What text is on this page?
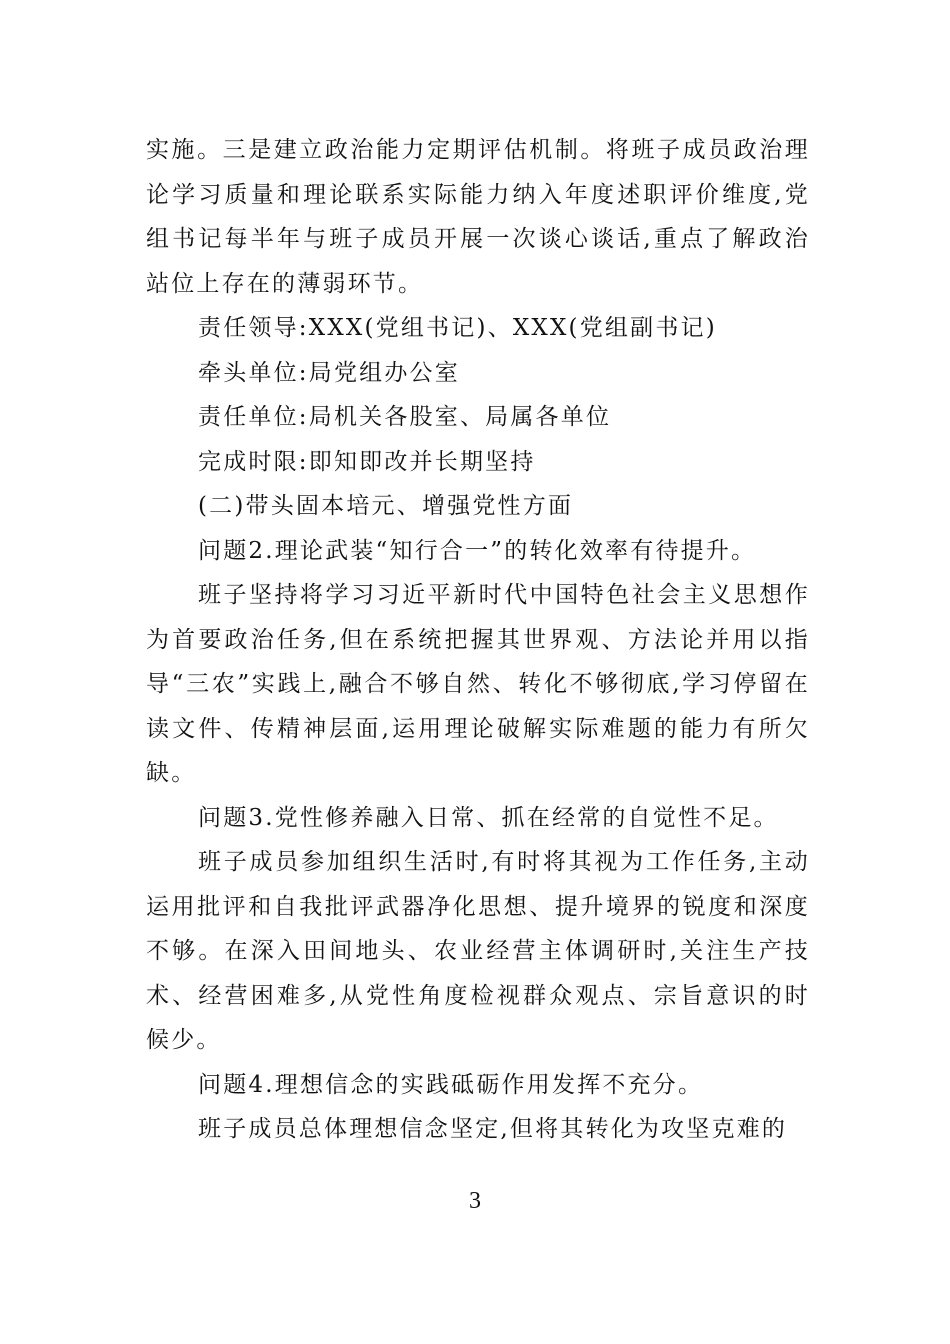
实施。三是建立政治能力定期评估机制。将班子成员政治理论学习质量和理论联系实际能力纳入年度述职评价维度,党组书记每半年与班子成员开展一次谈心谈话,重点了解政治站位上存在的薄弱环节。

责任领导:XXX(党组书记)、XXX(党组副书记)

牵头单位:局党组办公室

责任单位:局机关各股室、局属各单位

完成时限:即知即改并长期坚持

(二)带头固本培元、增强党性方面

问题2.理论武装“知行合一”的转化效率有待提升。

班子坚持将学习习近平新时代中国特色社会主义思想作为首要政治任务,但在系统把握其世界观、方法论并用以指导“三农”实践上,融合不够自然、转化不够彻底,学习停留在读文件、传精神层面,运用理论破解实际难题的能力有所欠缺。

问题3.党性修养融入日常、抓在经常的自觉性不足。

班子成员参加组织生活时,有时将其视为工作任务,主动运用批评和自我批评武器净化思想、提升境界的锐度和深度不够。在深入田间地头、农业经营主体调研时,关注生产技术、经营困难多,从党性角度检视群众观点、宗旨意识的时候少。

问题4.理想信念的实践砥砺作用发挥不充分。

班子成员总体理想信念坚定,但将其转化为攻坚克难的

3
